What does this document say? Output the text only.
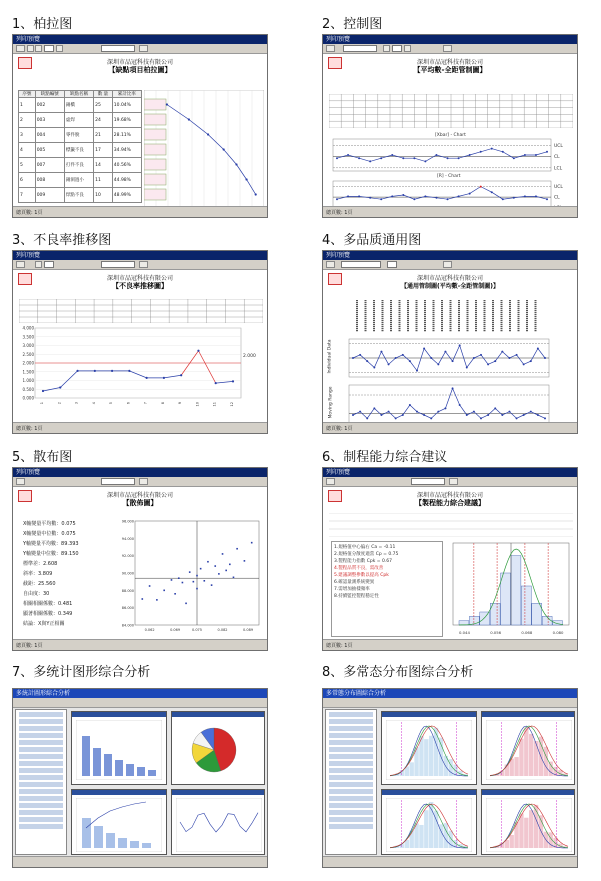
1、柏拉图	2、控制图
3、不良率推移图	4、多品质通用图
5、散布图	6、制程能力综合建议
7、多统计图形综合分析	8、多常态分布图综合分析
列印預覽
深圳市品冠科技有限公司
【缺點項目柏拉圖】
序號	缺點編號	缺點名稱	數 量	累計比率
1	002	錫橋	25	10.04%
2	003	虛焊	24	19.68%
3	004	零件脫	21	28.11%
4	005	標籤不良	17	34.94%
5	007	打件不良	14	40.56%
6	008	錫洞過小	11	44.98%
7	009	焊點不良	10	48.99%
總頁數: 1頁
列印預覽
深圳市品冠科技有限公司
【平均數-全距管制圖】
[Xbar] - Chart
UCL
CL
LCL
[R] - Chart
UCL
CL
總頁數: 1頁
列印預覽
深圳市品冠科技有限公司
【不良率推移圖】
0.000
0.500
1.000
1.500
2.000
2.500
3.000
3.500
4.000
1	2	3	4	5	6	7	8	9	10	11	12
2.000
總頁數: 1頁
列印預覽
深圳市品冠科技有限公司
【通用管制圖(平均數-全距管制圖)】
Individual Data
Moving Range
總頁數: 1頁
列印預覽
深圳市品冠科技有限公司
【散佈圖】
X軸變量平均數：0.075
X軸變量中位數：0.075
Y軸變量平均數：89.393
Y軸變量中位數：89.150
標準差：2.608
斜率：3.809
截距：25.560
自由度：30
相關相關係數：0.481
顯著相關係數：0.349
結論：X與Y正相關	84.000
86.000
88.000
90.000
92.000
94.000
96.000
0.062	0.069	0.075	0.082	0.089
總頁數: 1頁
列印預覽
深圳市品冠科技有限公司
【製程能力綜合建議】
1.規格值中心偏右 Ca = -0.11
2.規格值分散度適當 Cp = 0.75
3.製程能力指數 Cpk = 0.67
4.製程品質不良，需改善
5.建議調整參數以提高 Cpk
6.確認量測系統變異
7.需增加抽樣頻率
8.持續監控製程穩定性
0.044	0.056	0.068	0.080
總頁數: 1頁
多統計圖形綜合分析	多常態分布圖綜合分析
